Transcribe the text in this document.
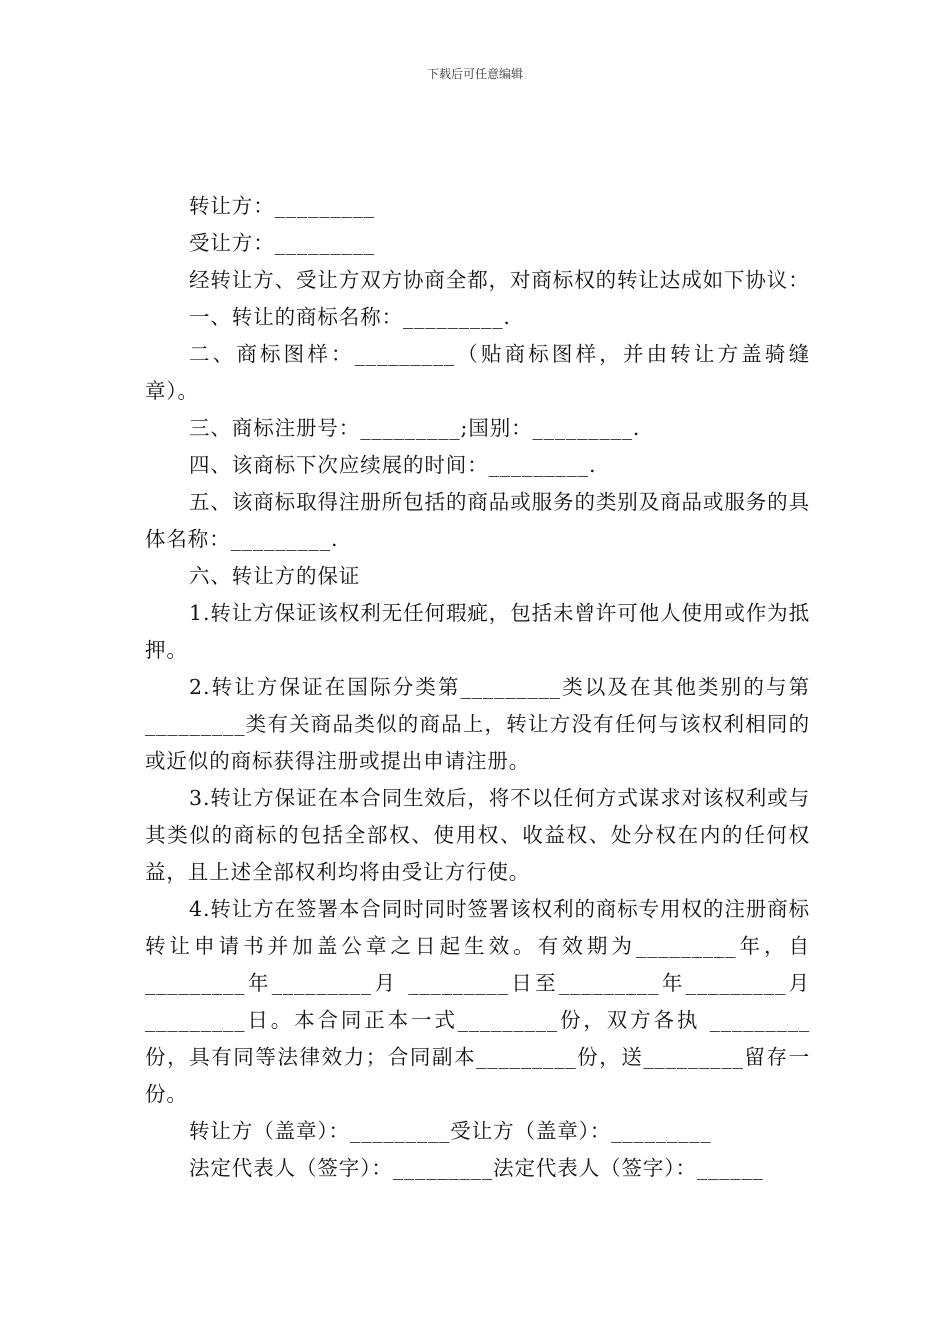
下载后可任意编辑

转让方：_________

受让方：_________

经转让方、受让方双方协商全都，对商标权的转让达成如下协议：

一、转让的商标名称：_________.

二、商标图样：_________（贴商标图样，并由转让方盖骑缝章）。

三、商标注册号：_________;国别：_________.

四、该商标下次应续展的时间：_________.

五、该商标取得注册所包括的商品或服务的类别及商品或服务的具体名称：_________.

六、转让方的保证

1.转让方保证该权利无任何瑕疵，包括未曾许可他人使用或作为抵押。

2.转让方保证在国际分类第_________类以及在其他类别的与第_________类有关商品类似的商品上，转让方没有任何与该权利相同的或近似的商标获得注册或提出申请注册。

3.转让方保证在本合同生效后，将不以任何方式谋求对该权利或与其类似的商标的包括全部权、使用权、收益权、处分权在内的任何权益，且上述全部权利均将由受让方行使。

4.转让方在签署本合同时同时签署该权利的商标专用权的注册商标转让申请书并加盖公章之日起生效。有效期为_________年，自_________年_________月 _________日至_________年_________月_________日。本合同正本一式_________份，双方各执 _________份，具有同等法律效力；合同副本_________份，送_________留存一份。

转让方（盖章）：_________受让方（盖章）：_________

法定代表人（签字）：_________法定代表人（签字）：______
